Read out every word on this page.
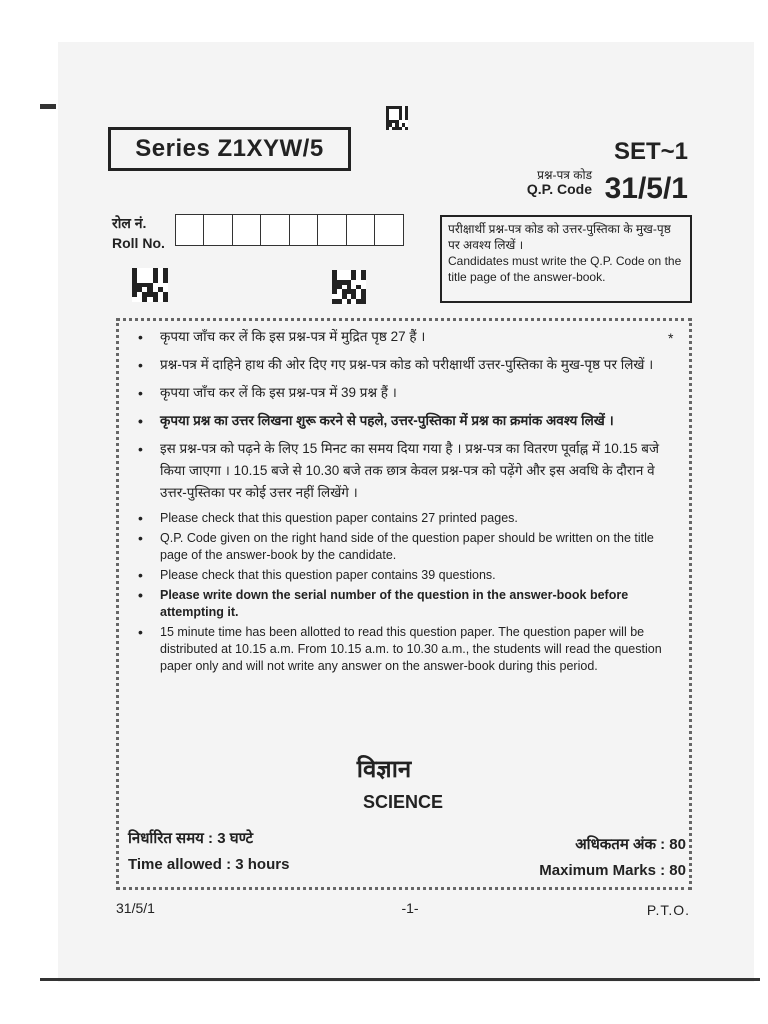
Series Z1XYW/5	SET~1
प्रश्न-पत्र कोड
Q.P. Code 31/5/1
रोल नं.
Roll No.
परीक्षार्थी प्रश्न-पत्र कोड को उत्तर-पुस्तिका के मुख-पृष्ठ पर अवश्य लिखें ।
Candidates must write the Q.P. Code on the title page of the answer-book.
*
• कृपया जाँच कर लें कि इस प्रश्न-पत्र में मुद्रित पृष्ठ 27 हैं ।
• प्रश्न-पत्र में दाहिने हाथ की ओर दिए गए प्रश्न-पत्र कोड को परीक्षार्थी उत्तर-पुस्तिका के मुख-पृष्ठ पर लिखें ।
• कृपया जाँच कर लें कि इस प्रश्न-पत्र में 39 प्रश्न हैं ।
• कृपया प्रश्न का उत्तर लिखना शुरू करने से पहले, उत्तर-पुस्तिका में प्रश्न का क्रमांक अवश्य लिखें ।
• इस प्रश्न-पत्र को पढ़ने के लिए 15 मिनट का समय दिया गया है । प्रश्न-पत्र का वितरण पूर्वाह्न में 10.15 बजे किया जाएगा । 10.15 बजे से 10.30 बजे तक छात्र केवल प्रश्न-पत्र को पढ़ेंगे और इस अवधि के दौरान वे उत्तर-पुस्तिका पर कोई उत्तर नहीं लिखेंगे ।
• Please check that this question paper contains 27 printed pages.
• Q.P. Code given on the right hand side of the question paper should be written on the title page of the answer-book by the candidate.
• Please check that this question paper contains 39 questions.
• Please write down the serial number of the question in the answer-book before attempting it.
• 15 minute time has been allotted to read this question paper. The question paper will be distributed at 10.15 a.m. From 10.15 a.m. to 10.30 a.m., the students will read the question paper only and will not write any answer on the answer-book during this period.
विज्ञान
SCIENCE
निर्धारित समय : 3 घण्टे
Time allowed : 3 hours
अधिकतम अंक : 80
Maximum Marks : 80
31/5/1	-1-	P.T.O.
